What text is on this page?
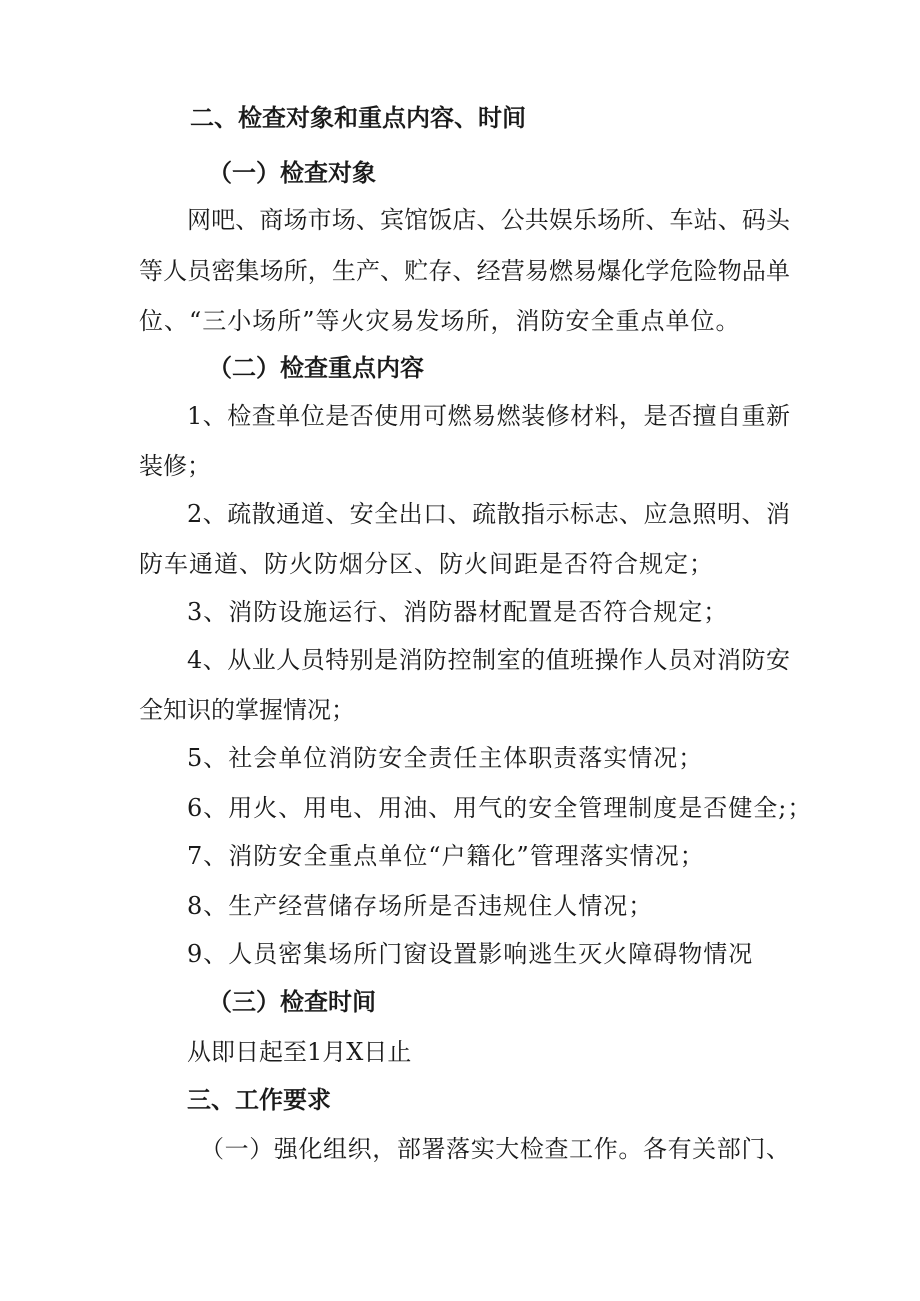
二、检查对象和重点内容、时间
（一）检查对象
网吧、商场市场、宾馆饭店、公共娱乐场所、车站、码头
等人员密集场所，生产、贮存、经营易燃易爆化学危险物品单
位、“三小场所”等火灾易发场所，消防安全重点单位。
（二）检查重点内容
1、检查单位是否使用可燃易燃装修材料，是否擅自重新
装修；
2、疏散通道、安全出口、疏散指示标志、应急照明、消
防车通道、防火防烟分区、防火间距是否符合规定；
3、消防设施运行、消防器材配置是否符合规定；
4、从业人员特别是消防控制室的值班操作人员对消防安
全知识的掌握情况；
5、社会单位消防安全责任主体职责落实情况；
6、用火、用电、用油、用气的安全管理制度是否健全;；
7、消防安全重点单位“户籍化”管理落实情况；
8、生产经营储存场所是否违规住人情况；
9、人员密集场所门窗设置影响逃生灭火障碍物情况
（三）检查时间
从即日起至1月X日止
三、工作要求
（一）强化组织，部署落实大检查工作。各有关部门、
